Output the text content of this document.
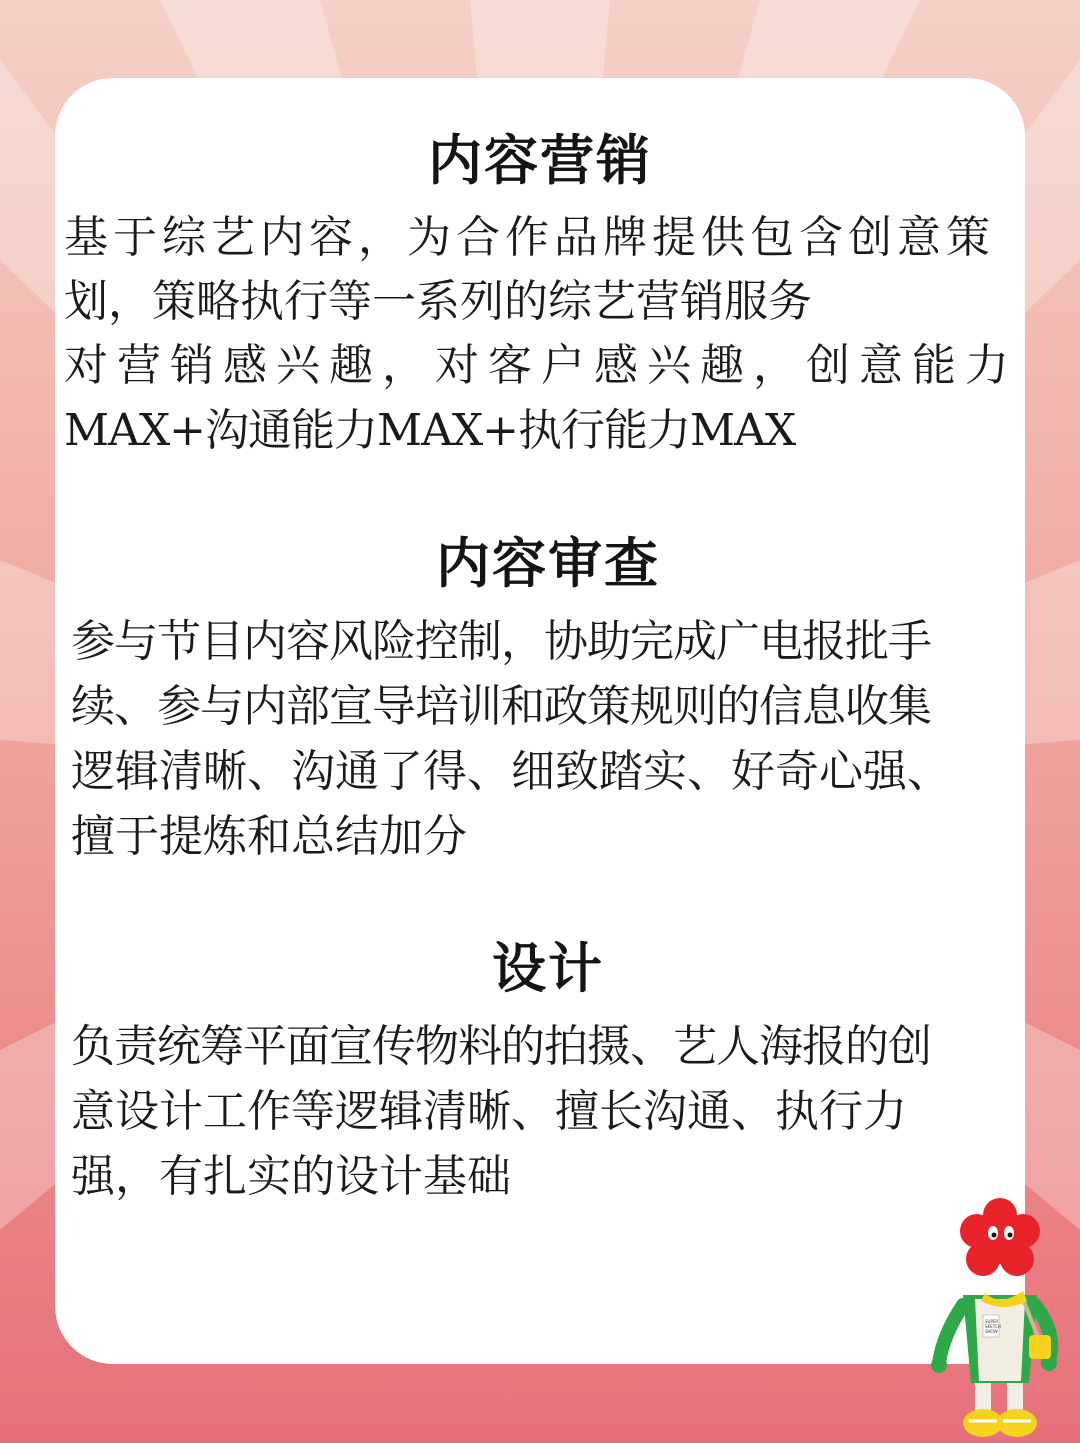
内容营销
基于综艺内容，为合作品牌提供包含创意策
划，策略执行等一系列的综艺营销服务
对营销感兴趣，对客户感兴趣，创意能力
MAX+沟通能力MAX+执行能力MAX
内容审查
参与节目内容风险控制，协助完成广电报批手
续、参与内部宣导培训和政策规则的信息收集
逻辑清晰、沟通了得、细致踏实、好奇心强、
擅于提炼和总结加分
设计
负责统筹平面宣传物料的拍摄、艺人海报的创
意设计工作等逻辑清晰、擅长沟通、执行力
强，有扎实的设计基础
SUPER
SKETCH
SHOW
